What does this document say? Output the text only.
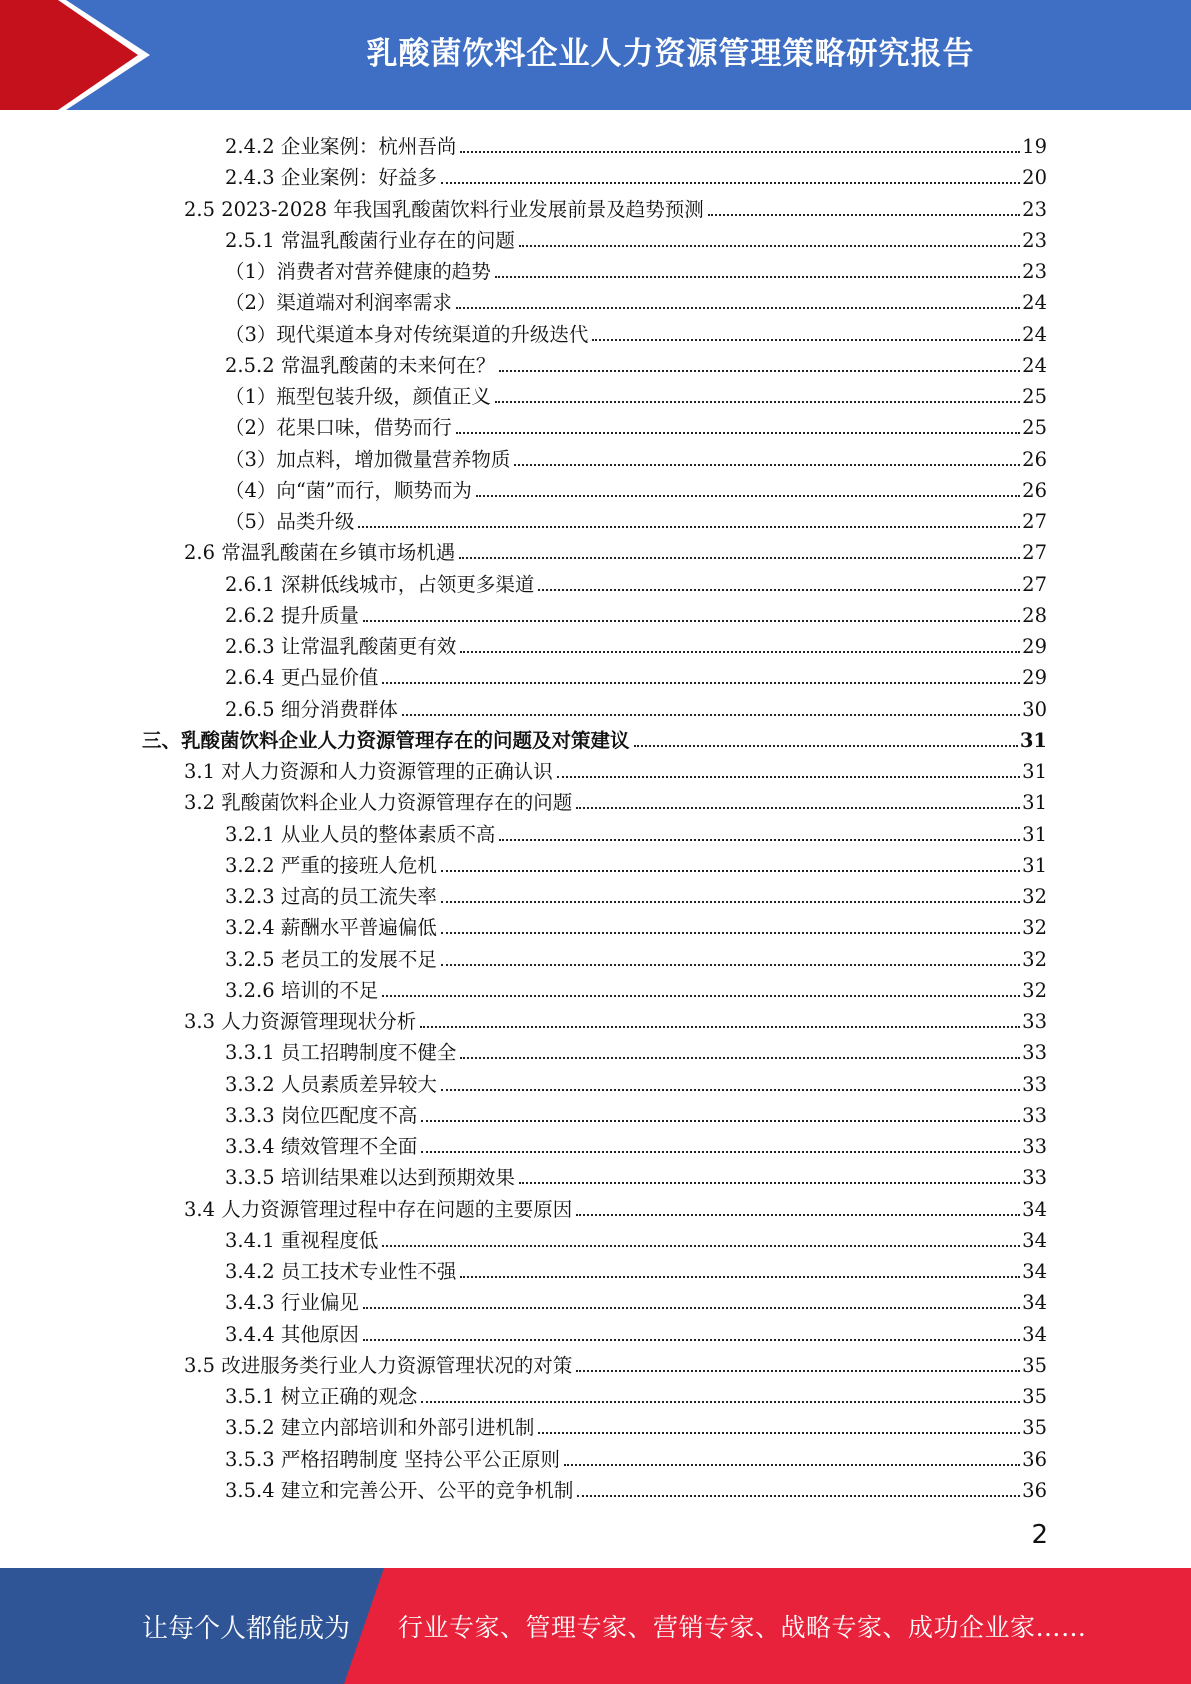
乳酸菌饮料企业人力资源管理策略研究报告
2.4.2 企业案例：杭州吾尚	19
2.4.3 企业案例：好益多	20
2.5 2023-2028 年我国乳酸菌饮料行业发展前景及趋势预测	23
2.5.1 常温乳酸菌行业存在的问题	23
（1）消费者对营养健康的趋势	23
（2）渠道端对利润率需求	24
（3）现代渠道本身对传统渠道的升级迭代	24
2.5.2 常温乳酸菌的未来何在？	24
（1）瓶型包装升级，颜值正义	25
（2）花果口味，借势而行	25
（3）加点料，增加微量营养物质	26
（4）向“菌”而行，顺势而为	26
（5）品类升级	27
2.6 常温乳酸菌在乡镇市场机遇	27
2.6.1 深耕低线城市，占领更多渠道	27
2.6.2 提升质量	28
2.6.3 让常温乳酸菌更有效	29
2.6.4 更凸显价值	29
2.6.5 细分消费群体	30
三、乳酸菌饮料企业人力资源管理存在的问题及对策建议	31
3.1 对人力资源和人力资源管理的正确认识	31
3.2 乳酸菌饮料企业人力资源管理存在的问题	31
3.2.1 从业人员的整体素质不高	31
3.2.2 严重的接班人危机	31
3.2.3 过高的员工流失率	32
3.2.4 薪酬水平普遍偏低	32
3.2.5 老员工的发展不足	32
3.2.6 培训的不足	32
3.3 人力资源管理现状分析	33
3.3.1 员工招聘制度不健全	33
3.3.2 人员素质差异较大	33
3.3.3 岗位匹配度不高	33
3.3.4 绩效管理不全面	33
3.3.5 培训结果难以达到预期效果	33
3.4 人力资源管理过程中存在问题的主要原因	34
3.4.1 重视程度低	34
3.4.2 员工技术专业性不强	34
3.4.3 行业偏见	34
3.4.4 其他原因	34
3.5 改进服务类行业人力资源管理状况的对策	35
3.5.1 树立正确的观念	35
3.5.2 建立内部培训和外部引进机制	35
3.5.3 严格招聘制度 坚持公平公正原则	36
3.5.4 建立和完善公开、公平的竞争机制	36
2
让每个人都能成为 行业专家、管理专家、营销专家、战略专家、成功企业家……
